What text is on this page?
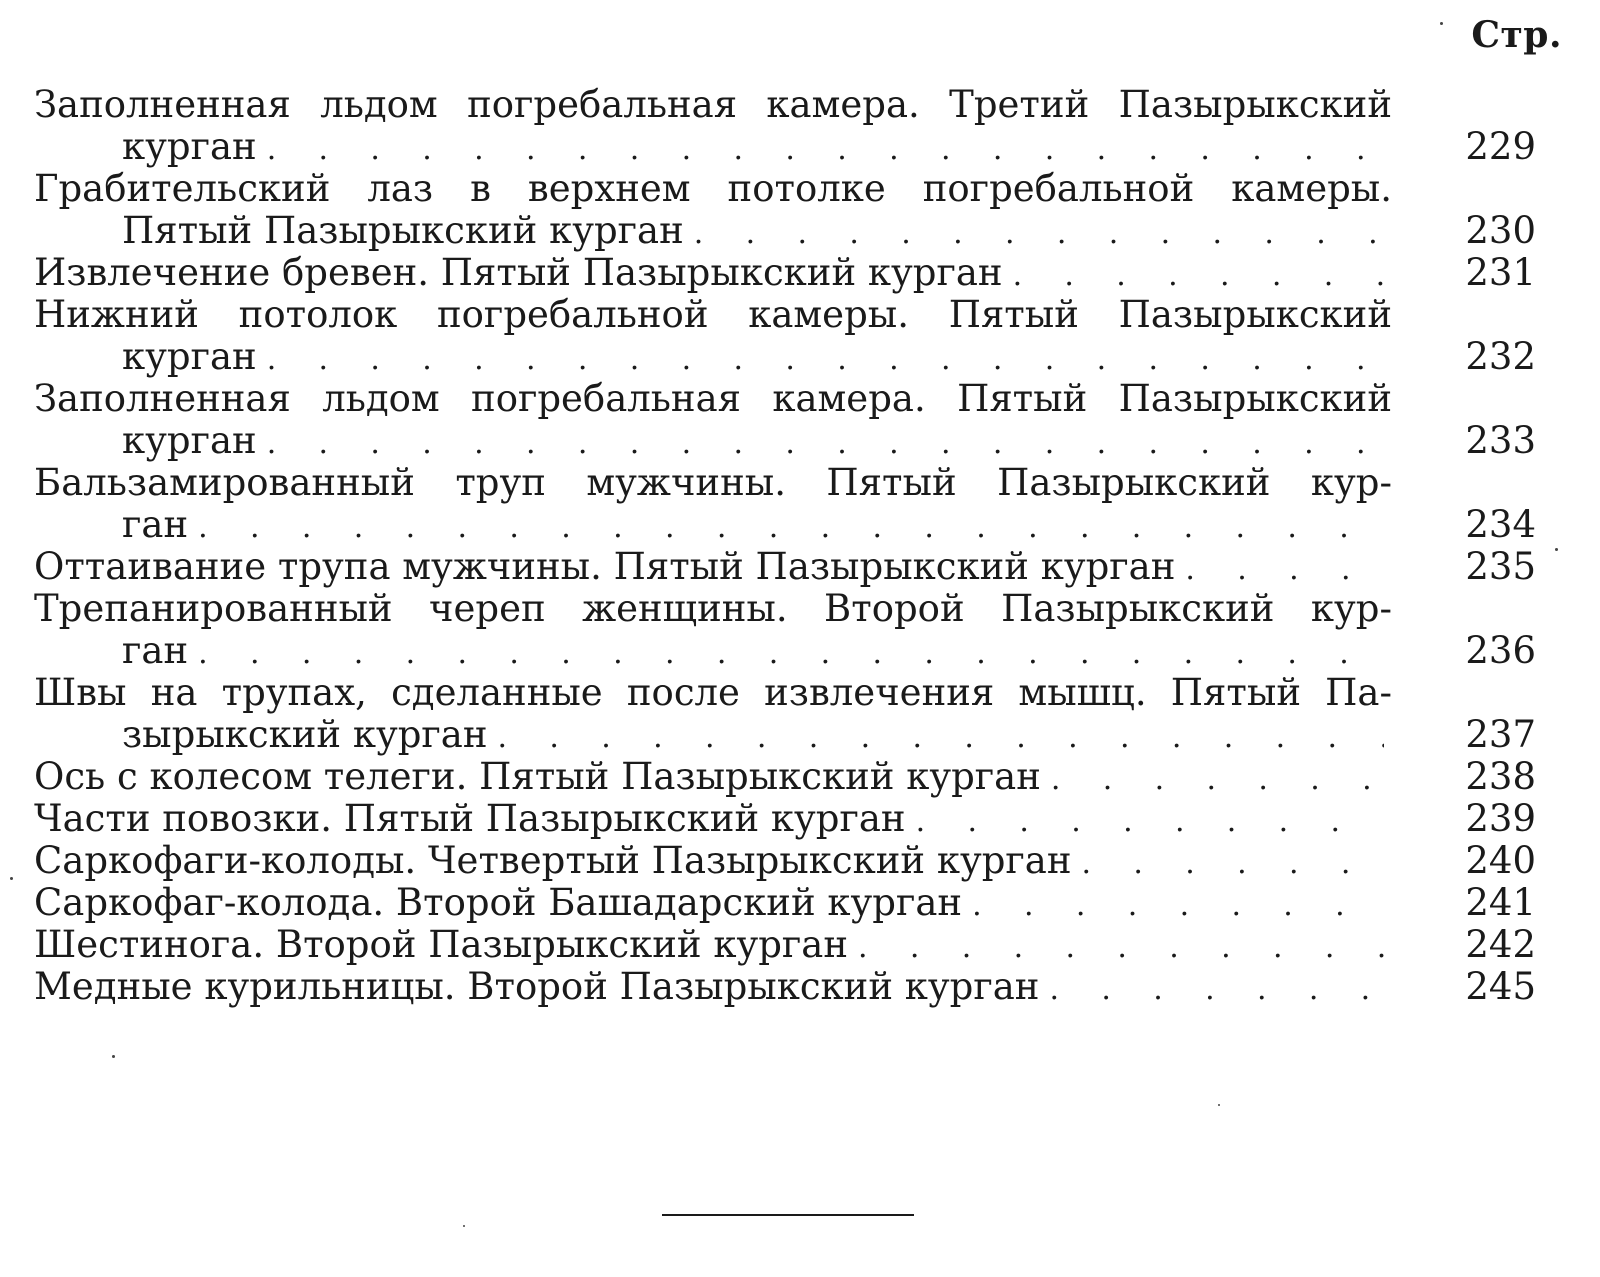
Стр.
Заполненная льдом погребальная камера. Третий Пазырыкский
курган . . .	229
Грабительский лаз в верхнем потолке погребальной камеры.
Пятый Пазырыкский курган . . .	230
Извлечение бревен. Пятый Пазырыкский курган . . .	231
Нижний потолок погребальной камеры. Пятый Пазырыкский
курган . . .	232
Заполненная льдом погребальная камера. Пятый Пазырыкский
курган . . .	233
Бальзамированный труп мужчины. Пятый Пазырыкский кур-
ган . . .	234
Оттаивание трупа мужчины. Пятый Пазырыкский курган . . .	235
Трепанированный череп женщины. Второй Пазырыкский кур-
ган . . .	236
Швы на трупах, сделанные после извлечения мышц. Пятый Па-
зырыкский курган . . .	237
Ось с колесом телеги. Пятый Пазырыкский курган . . .	238
Части повозки. Пятый Пазырыкский курган . . .	239
Саркофаги-колоды. Четвертый Пазырыкский курган . . .	240
Саркофаг-колода. Второй Башадарский курган . . .	241
Шестинога. Второй Пазырыкский курган . . .	242
Медные курильницы. Второй Пазырыкский курган . . .	245
